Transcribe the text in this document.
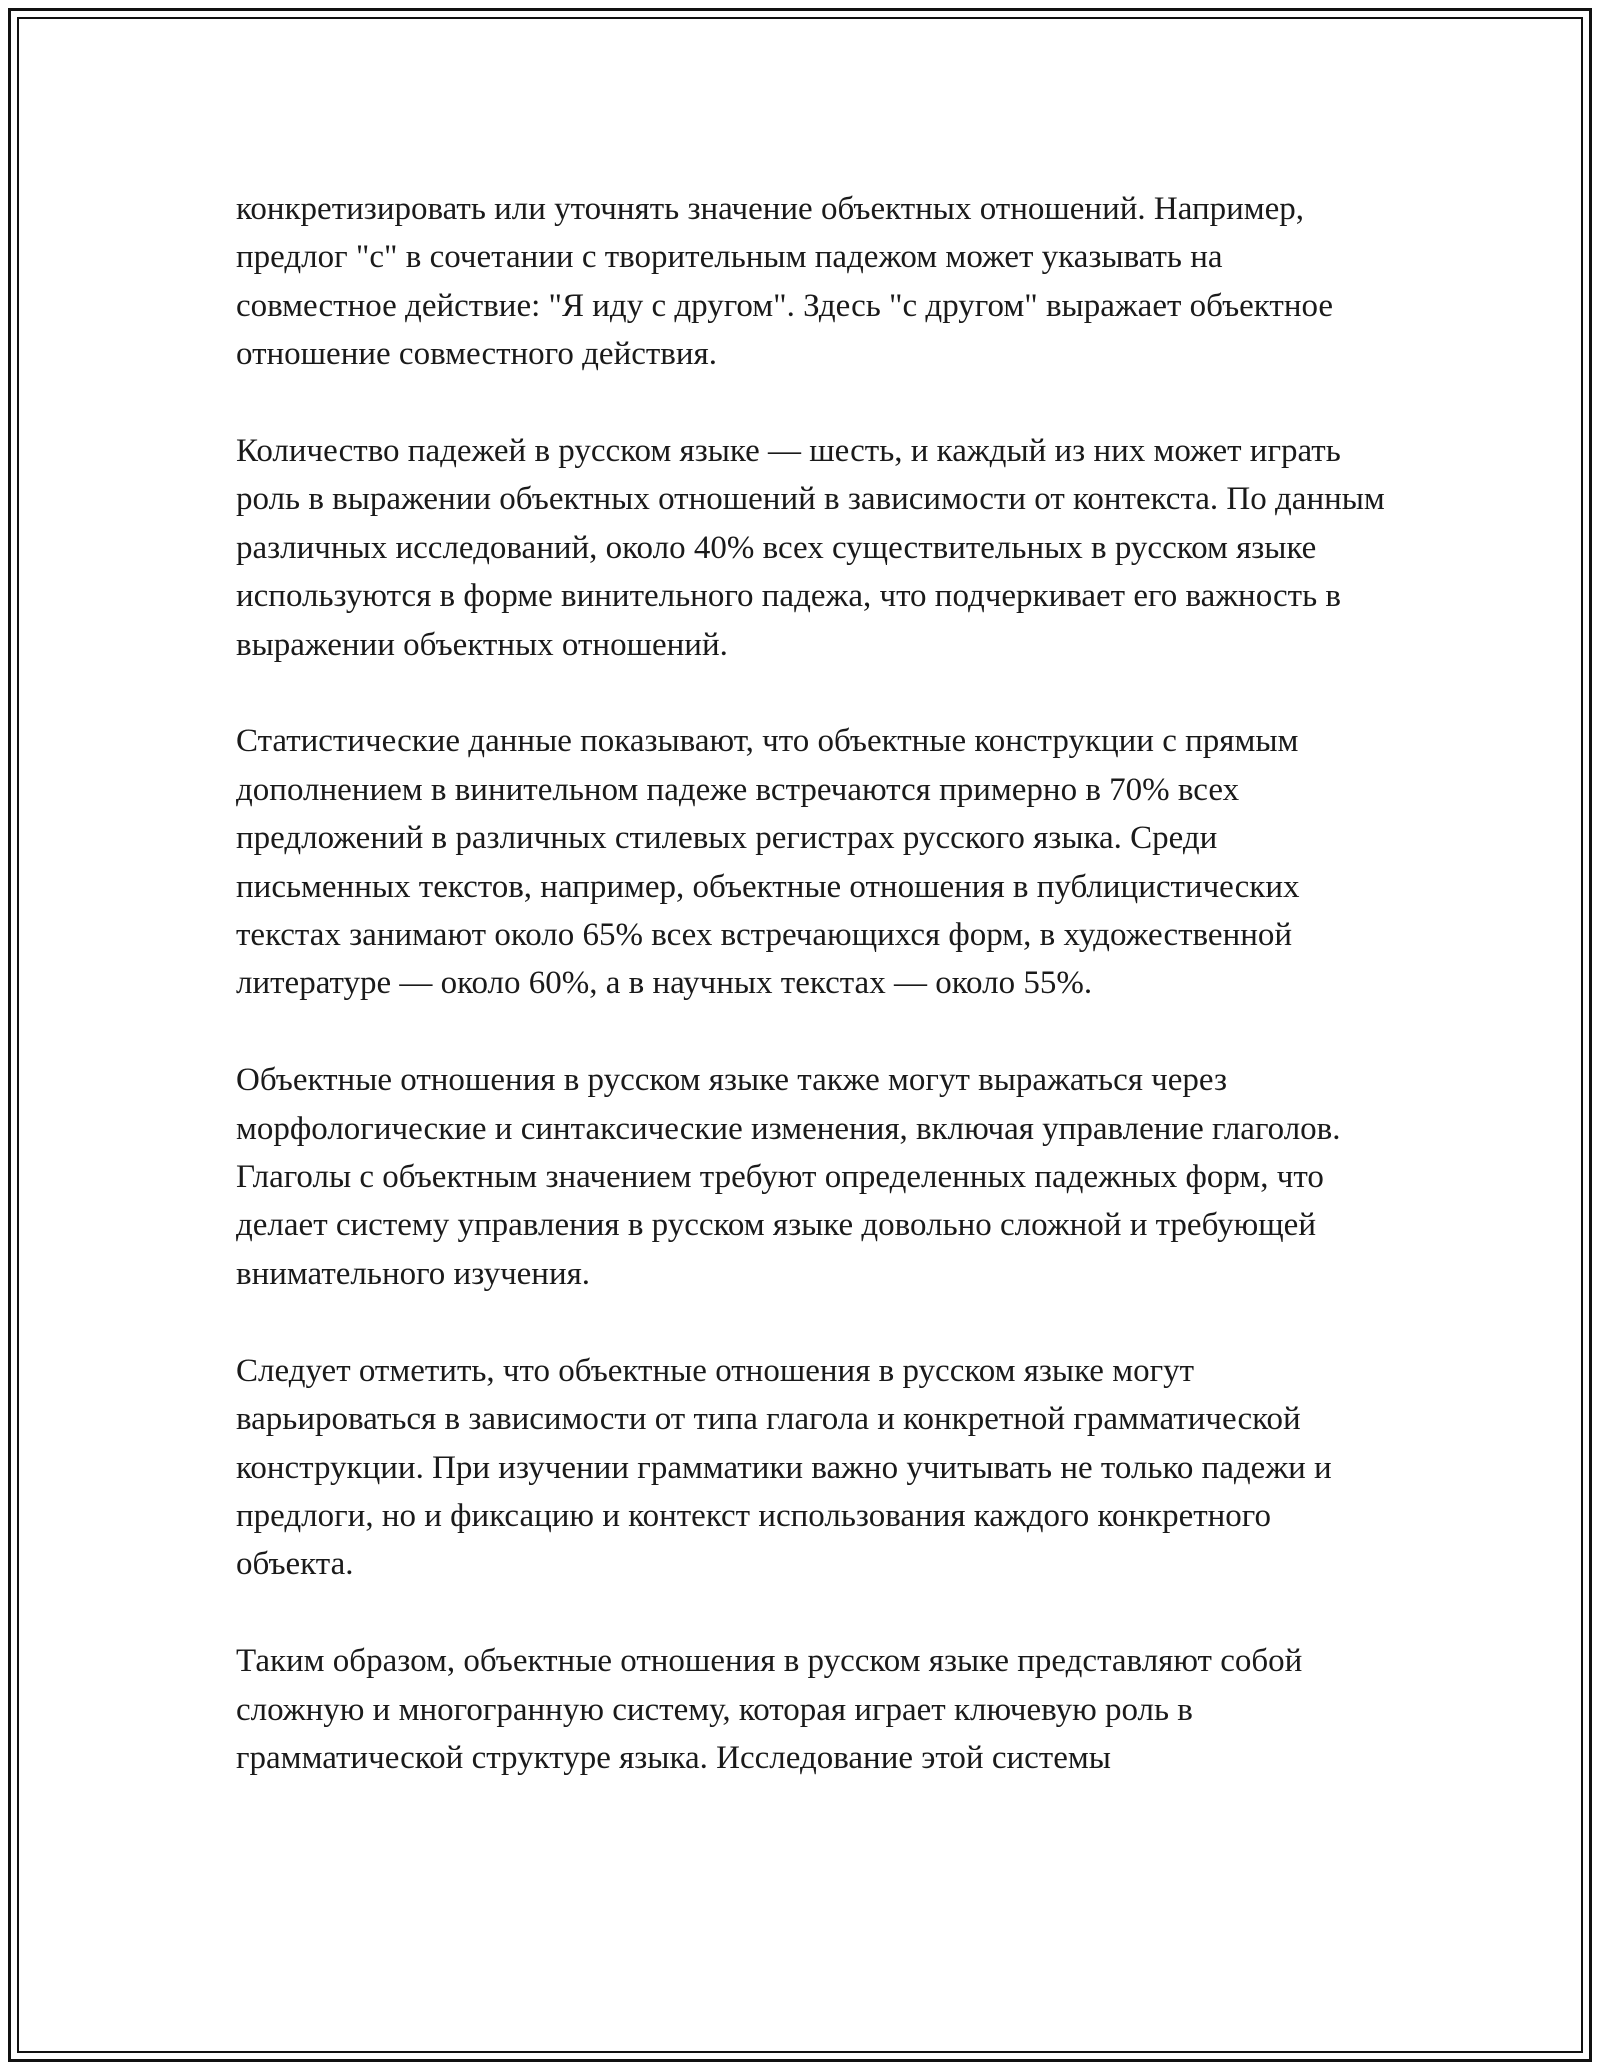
конкретизировать или уточнять значение объектных отношений. Например, предлог "с" в сочетании с творительным падежом может указывать на совместное действие: "Я иду с другом". Здесь "с другом" выражает объектное отношение совместного действия.

Количество падежей в русском языке — шесть, и каждый из них может играть роль в выражении объектных отношений в зависимости от контекста. По данным различных исследований, около 40% всех существительных в русском языке используются в форме винительного падежа, что подчеркивает его важность в выражении объектных отношений.

Статистические данные показывают, что объектные конструкции с прямым дополнением в винительном падеже встречаются примерно в 70% всех предложений в различных стилевых регистрах русского языка. Среди письменных текстов, например, объектные отношения в публицистических текстах занимают около 65% всех встречающихся форм, в художественной литературе — около 60%, а в научных текстах — около 55%.

Объектные отношения в русском языке также могут выражаться через морфологические и синтаксические изменения, включая управление глаголов. Глаголы с объектным значением требуют определенных падежных форм, что делает систему управления в русском языке довольно сложной и требующей внимательного изучения.

Следует отметить, что объектные отношения в русском языке могут варьироваться в зависимости от типа глагола и конкретной грамматической конструкции. При изучении грамматики важно учитывать не только падежи и предлоги, но и фиксацию и контекст использования каждого конкретного объекта.

Таким образом, объектные отношения в русском языке представляют собой сложную и многогранную систему, которая играет ключевую роль в грамматической структуре языка. Исследование этой системы
